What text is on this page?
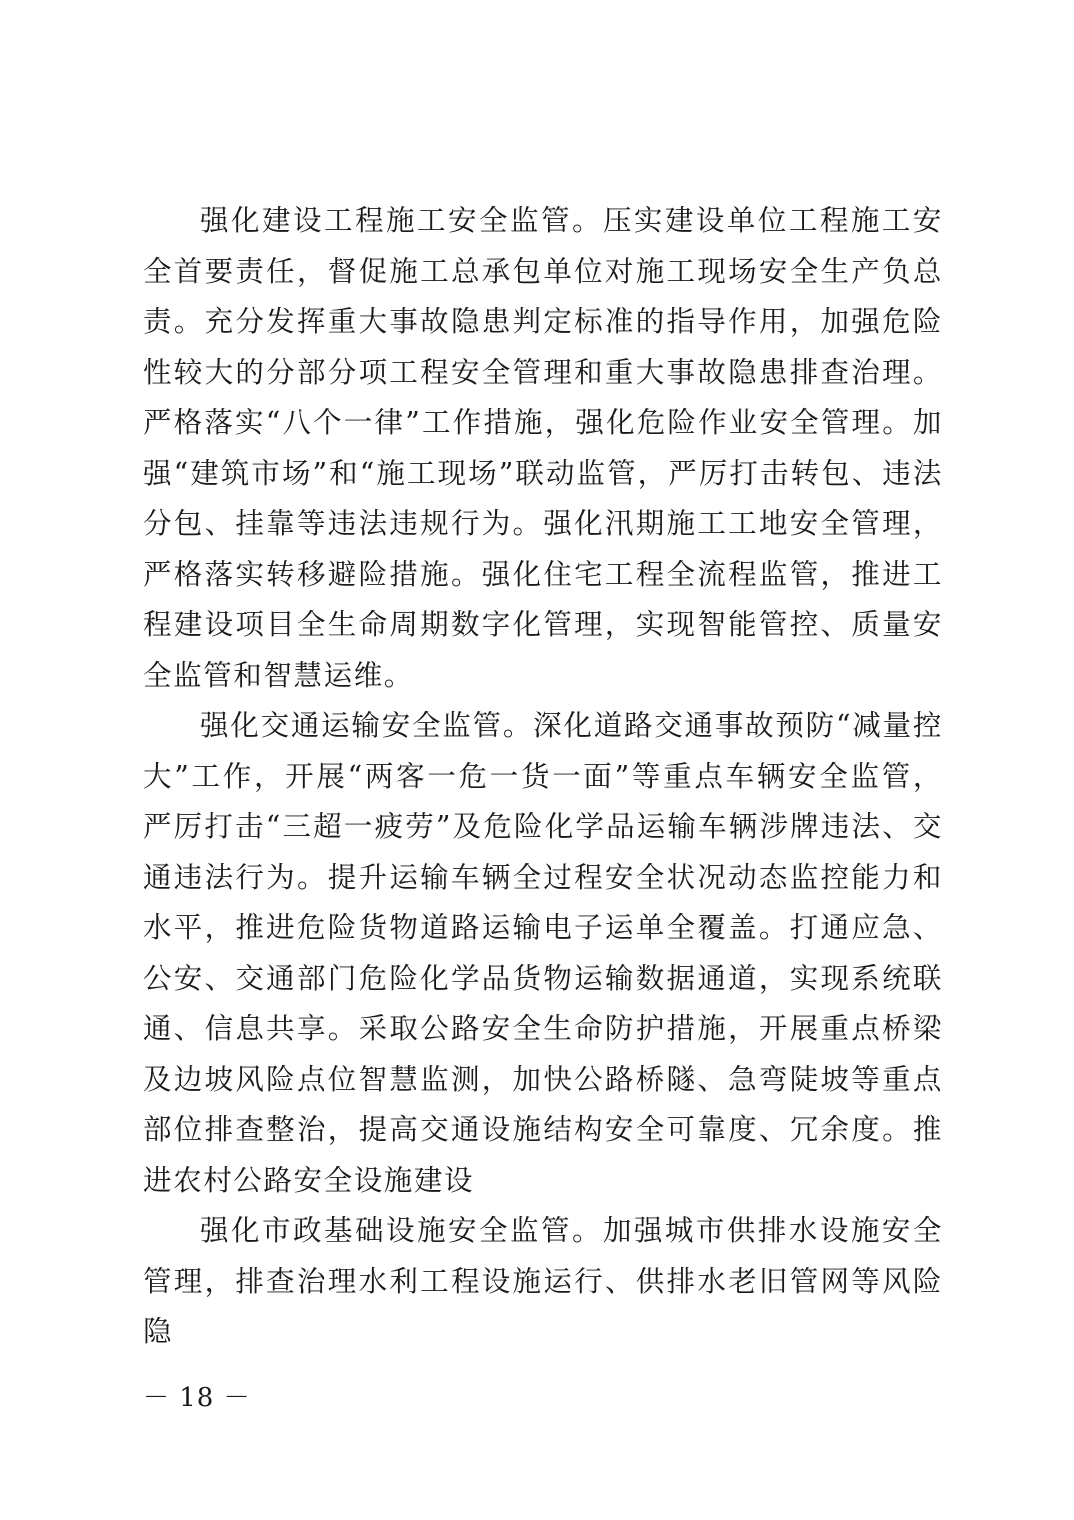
强化建设工程施工安全监管。压实建设单位工程施工安全首要责任，督促施工总承包单位对施工现场安全生产负总责。充分发挥重大事故隐患判定标准的指导作用，加强危险性较大的分部分项工程安全管理和重大事故隐患排查治理。严格落实“八个一律”工作措施，强化危险作业安全管理。加强“建筑市场”和“施工现场”联动监管，严厉打击转包、违法分包、挂靠等违法违规行为。强化汛期施工工地安全管理，严格落实转移避险措施。强化住宅工程全流程监管，推进工程建设项目全生命周期数字化管理，实现智能管控、质量安全监管和智慧运维。

强化交通运输安全监管。深化道路交通事故预防“减量控大”工作，开展“两客一危一货一面”等重点车辆安全监管，严厉打击“三超一疲劳”及危险化学品运输车辆涉牌违法、交通违法行为。提升运输车辆全过程安全状况动态监控能力和水平，推进危险货物道路运输电子运单全覆盖。打通应急、公安、交通部门危险化学品货物运输数据通道，实现系统联通、信息共享。采取公路安全生命防护措施，开展重点桥梁及边坡风险点位智慧监测，加快公路桥隧、急弯陡坡等重点部位排查整治，提高交通设施结构安全可靠度、冗余度。推进农村公路安全设施建设

强化市政基础设施安全监管。加强城市供排水设施安全管理，排查治理水利工程设施运行、供排水老旧管网等风险隐

－ 18 －
